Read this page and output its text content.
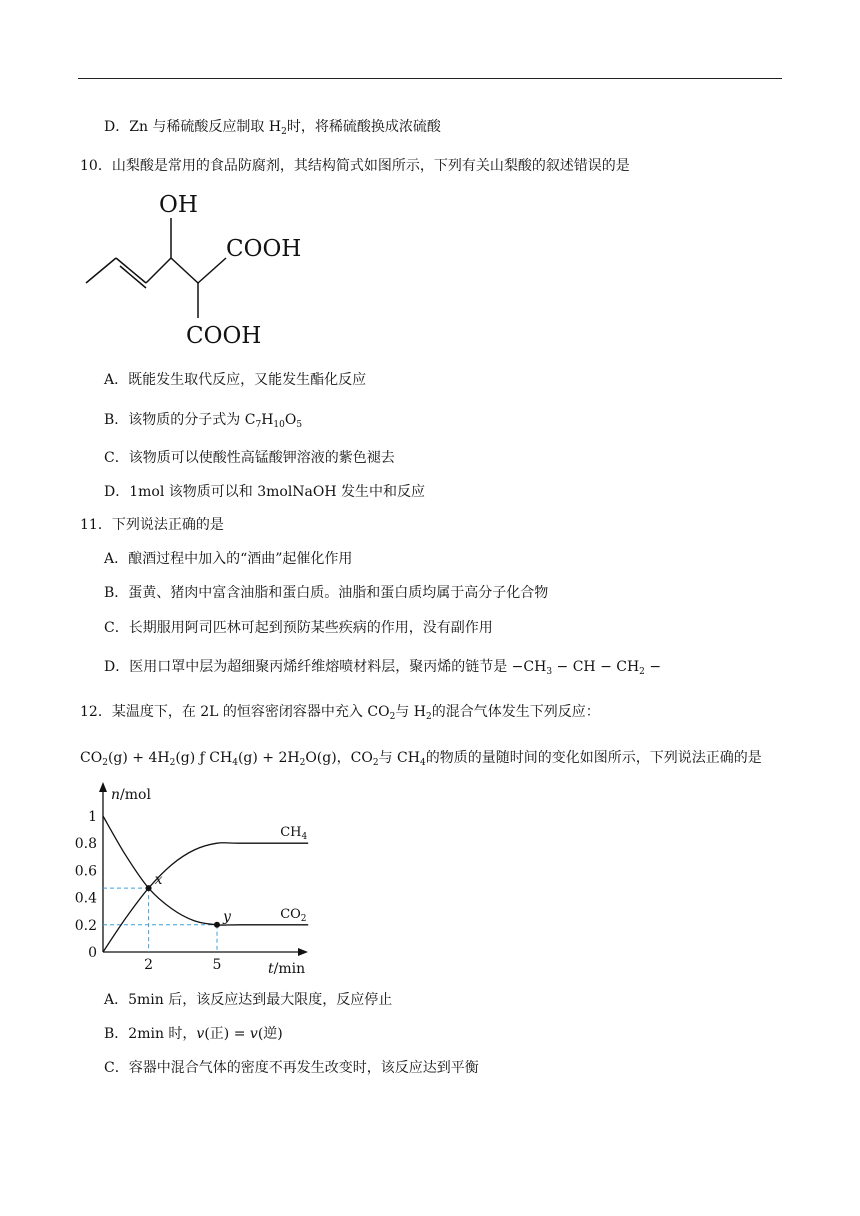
D．Zn 与稀硫酸反应制取 $H_2$时，将稀硫酸换成浓硫酸
10．山梨酸是常用的食品防腐剂，其结构简式如图所示，下列有关山梨酸的叙述错误的是
OH
COOH
COOH
A．既能发生取代反应，又能发生酯化反应
B．该物质的分子式为 $C_7H_{10}O_5$
C．该物质可以使酸性高锰酸钾溶液的紫色褪去
D．1mol 该物质可以和 3molNaOH 发生中和反应
11．下列说法正确的是
A．酿酒过程中加入的“酒曲”起催化作用
B．蛋黄、猪肉中富含油脂和蛋白质。油脂和蛋白质均属于高分子化合物
C．长期服用阿司匹林可起到预防某些疾病的作用，没有副作用
D．医用口罩中层为超细聚丙烯纤维熔喷材料层，聚丙烯的链节是 $-CH_3$ − CH − $CH_2$ −
12．某温度下，在 2L 的恒容密闭容器中充入 $CO_2$与 $H_2$的混合气体发生下列反应：
$CO_2(g) + 4H_2(g)$ ƒ $CH_4(g) + 2H_2O(g)$，$CO_2$与 $CH_4$的物质的量随时间的变化如图所示，下列说法正确的是
n/mol
t/min
0
0.2
0.4
0.6
0.8
1
2	5
$CH_4$
$CO_2$
x
y
A．5min 后，该反应达到最大限度，反应停止
B．2min 时，v(正) = v(逆)
C．容器中混合气体的密度不再发生改变时，该反应达到平衡
